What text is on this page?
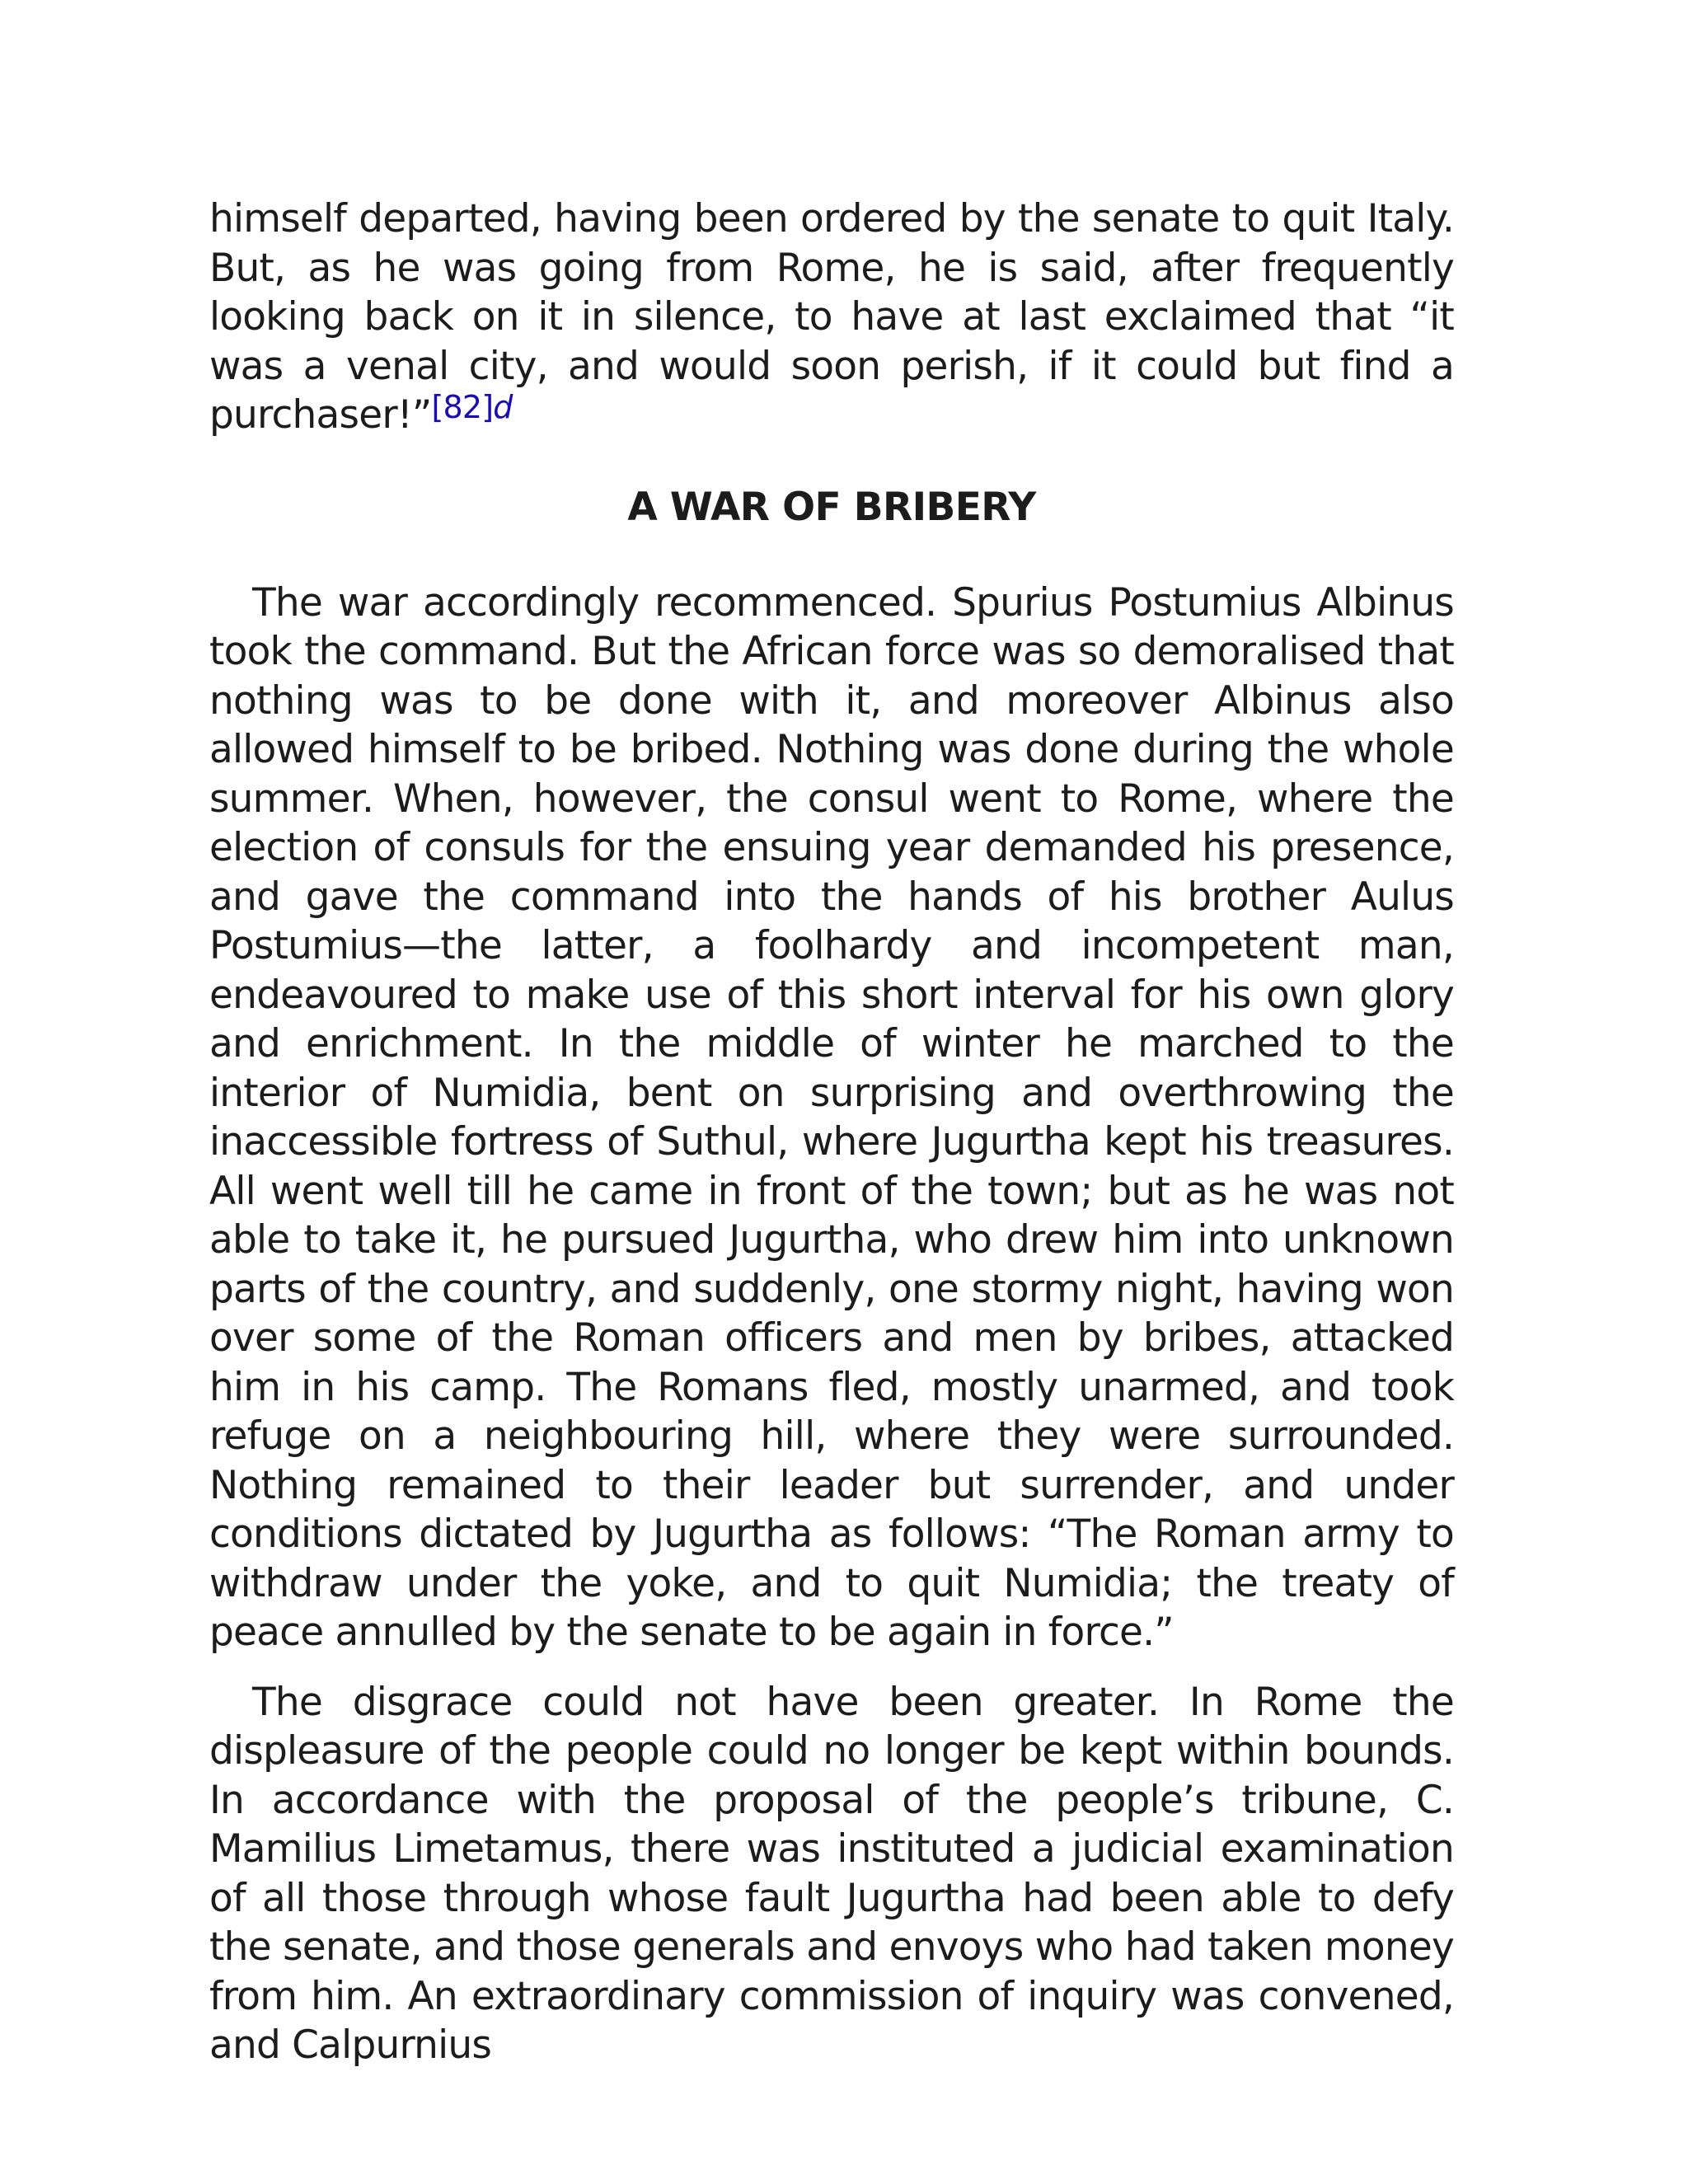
himself departed, having been ordered by the senate to quit Italy. But, as he was going from Rome, he is said, after frequently looking back on it in silence, to have at last exclaimed that “it was a venal city, and would soon perish, if it could but find a purchaser!”$^{[82]d}$

A WAR OF BRIBERY

The war accordingly recommenced. Spurius Postumius Albinus took the command. But the African force was so demoralised that nothing was to be done with it, and moreover Albinus also allowed himself to be bribed. Nothing was done during the whole summer. When, however, the consul went to Rome, where the election of consuls for the ensuing year demanded his presence, and gave the command into the hands of his brother Aulus Postumius—the latter, a foolhardy and incompetent man, endeavoured to make use of this short interval for his own glory and enrichment. In the middle of winter he marched to the interior of Numidia, bent on surprising and overthrowing the inaccessible fortress of Suthul, where Jugurtha kept his treasures. All went well till he came in front of the town; but as he was not able to take it, he pursued Jugurtha, who drew him into unknown parts of the country, and suddenly, one stormy night, having won over some of the Roman officers and men by bribes, attacked him in his camp. The Romans fled, mostly unarmed, and took refuge on a neighbouring hill, where they were surrounded. Nothing remained to their leader but surrender, and under conditions dictated by Jugurtha as follows: “The Roman army to withdraw under the yoke, and to quit Numidia; the treaty of peace annulled by the senate to be again in force.”

The disgrace could not have been greater. In Rome the displeasure of the people could no longer be kept within bounds. In accordance with the proposal of the people’s tribune, C. Mamilius Limetamus, there was instituted a judicial examination of all those through whose fault Jugurtha had been able to defy the senate, and those generals and envoys who had taken money from him. An extraordinary commission of inquiry was convened, and Calpurnius
